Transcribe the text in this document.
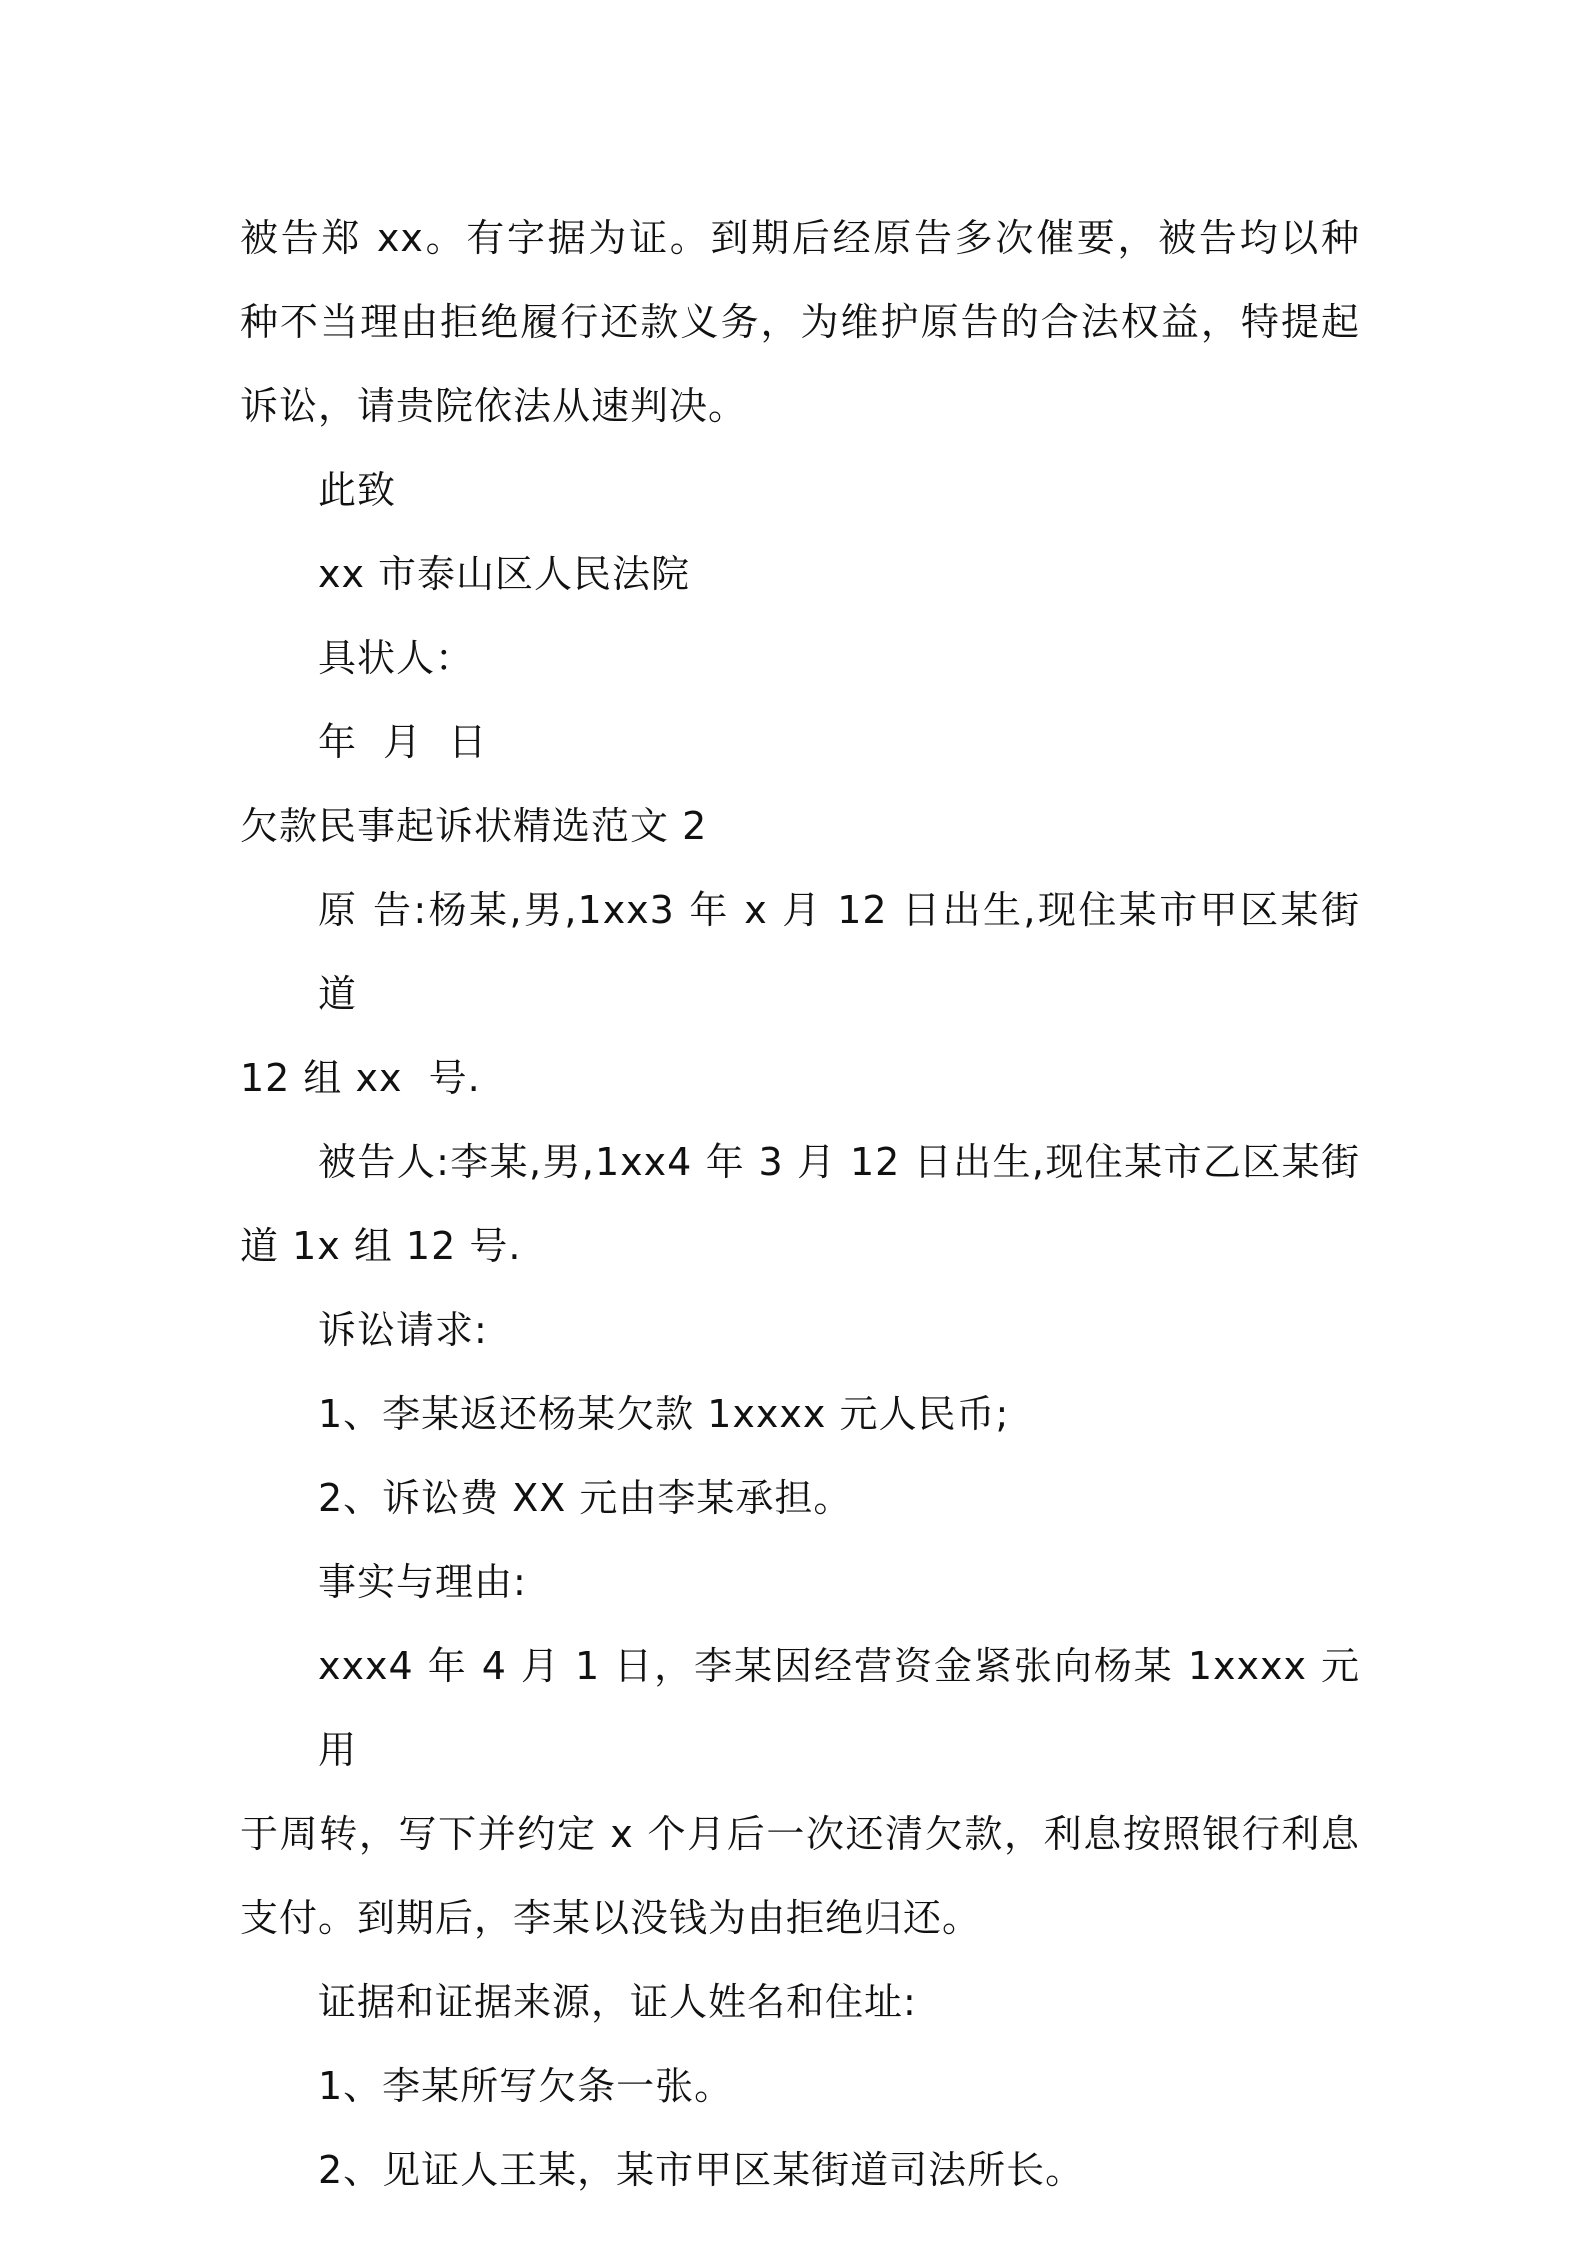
被告郑 xx。有字据为证。到期后经原告多次催要，被告均以种
种不当理由拒绝履行还款义务，为维护原告的合法权益，特提起
诉讼，请贵院依法从速判决。
此致
xx 市泰山区人民法院
具状人：
年  月  日
欠款民事起诉状精选范文 2
原 告:杨某,男,1xx3 年 x 月 12 日出生,现住某市甲区某街道
12 组 xx  号.
被告人:李某,男,1xx4 年 3 月 12 日出生,现住某市乙区某街
道 1x 组 12 号.
诉讼请求:
1、李某返还杨某欠款 1xxxx 元人民币;
2、诉讼费 XX 元由李某承担。
事实与理由:
xxx4 年 4 月 1 日，李某因经营资金紧张向杨某 1xxxx 元用
于周转，写下并约定 x 个月后一次还清欠款，利息按照银行利息
支付。到期后，李某以没钱为由拒绝归还。
证据和证据来源，证人姓名和住址:
1、李某所写欠条一张。
2、见证人王某，某市甲区某街道司法所长。
